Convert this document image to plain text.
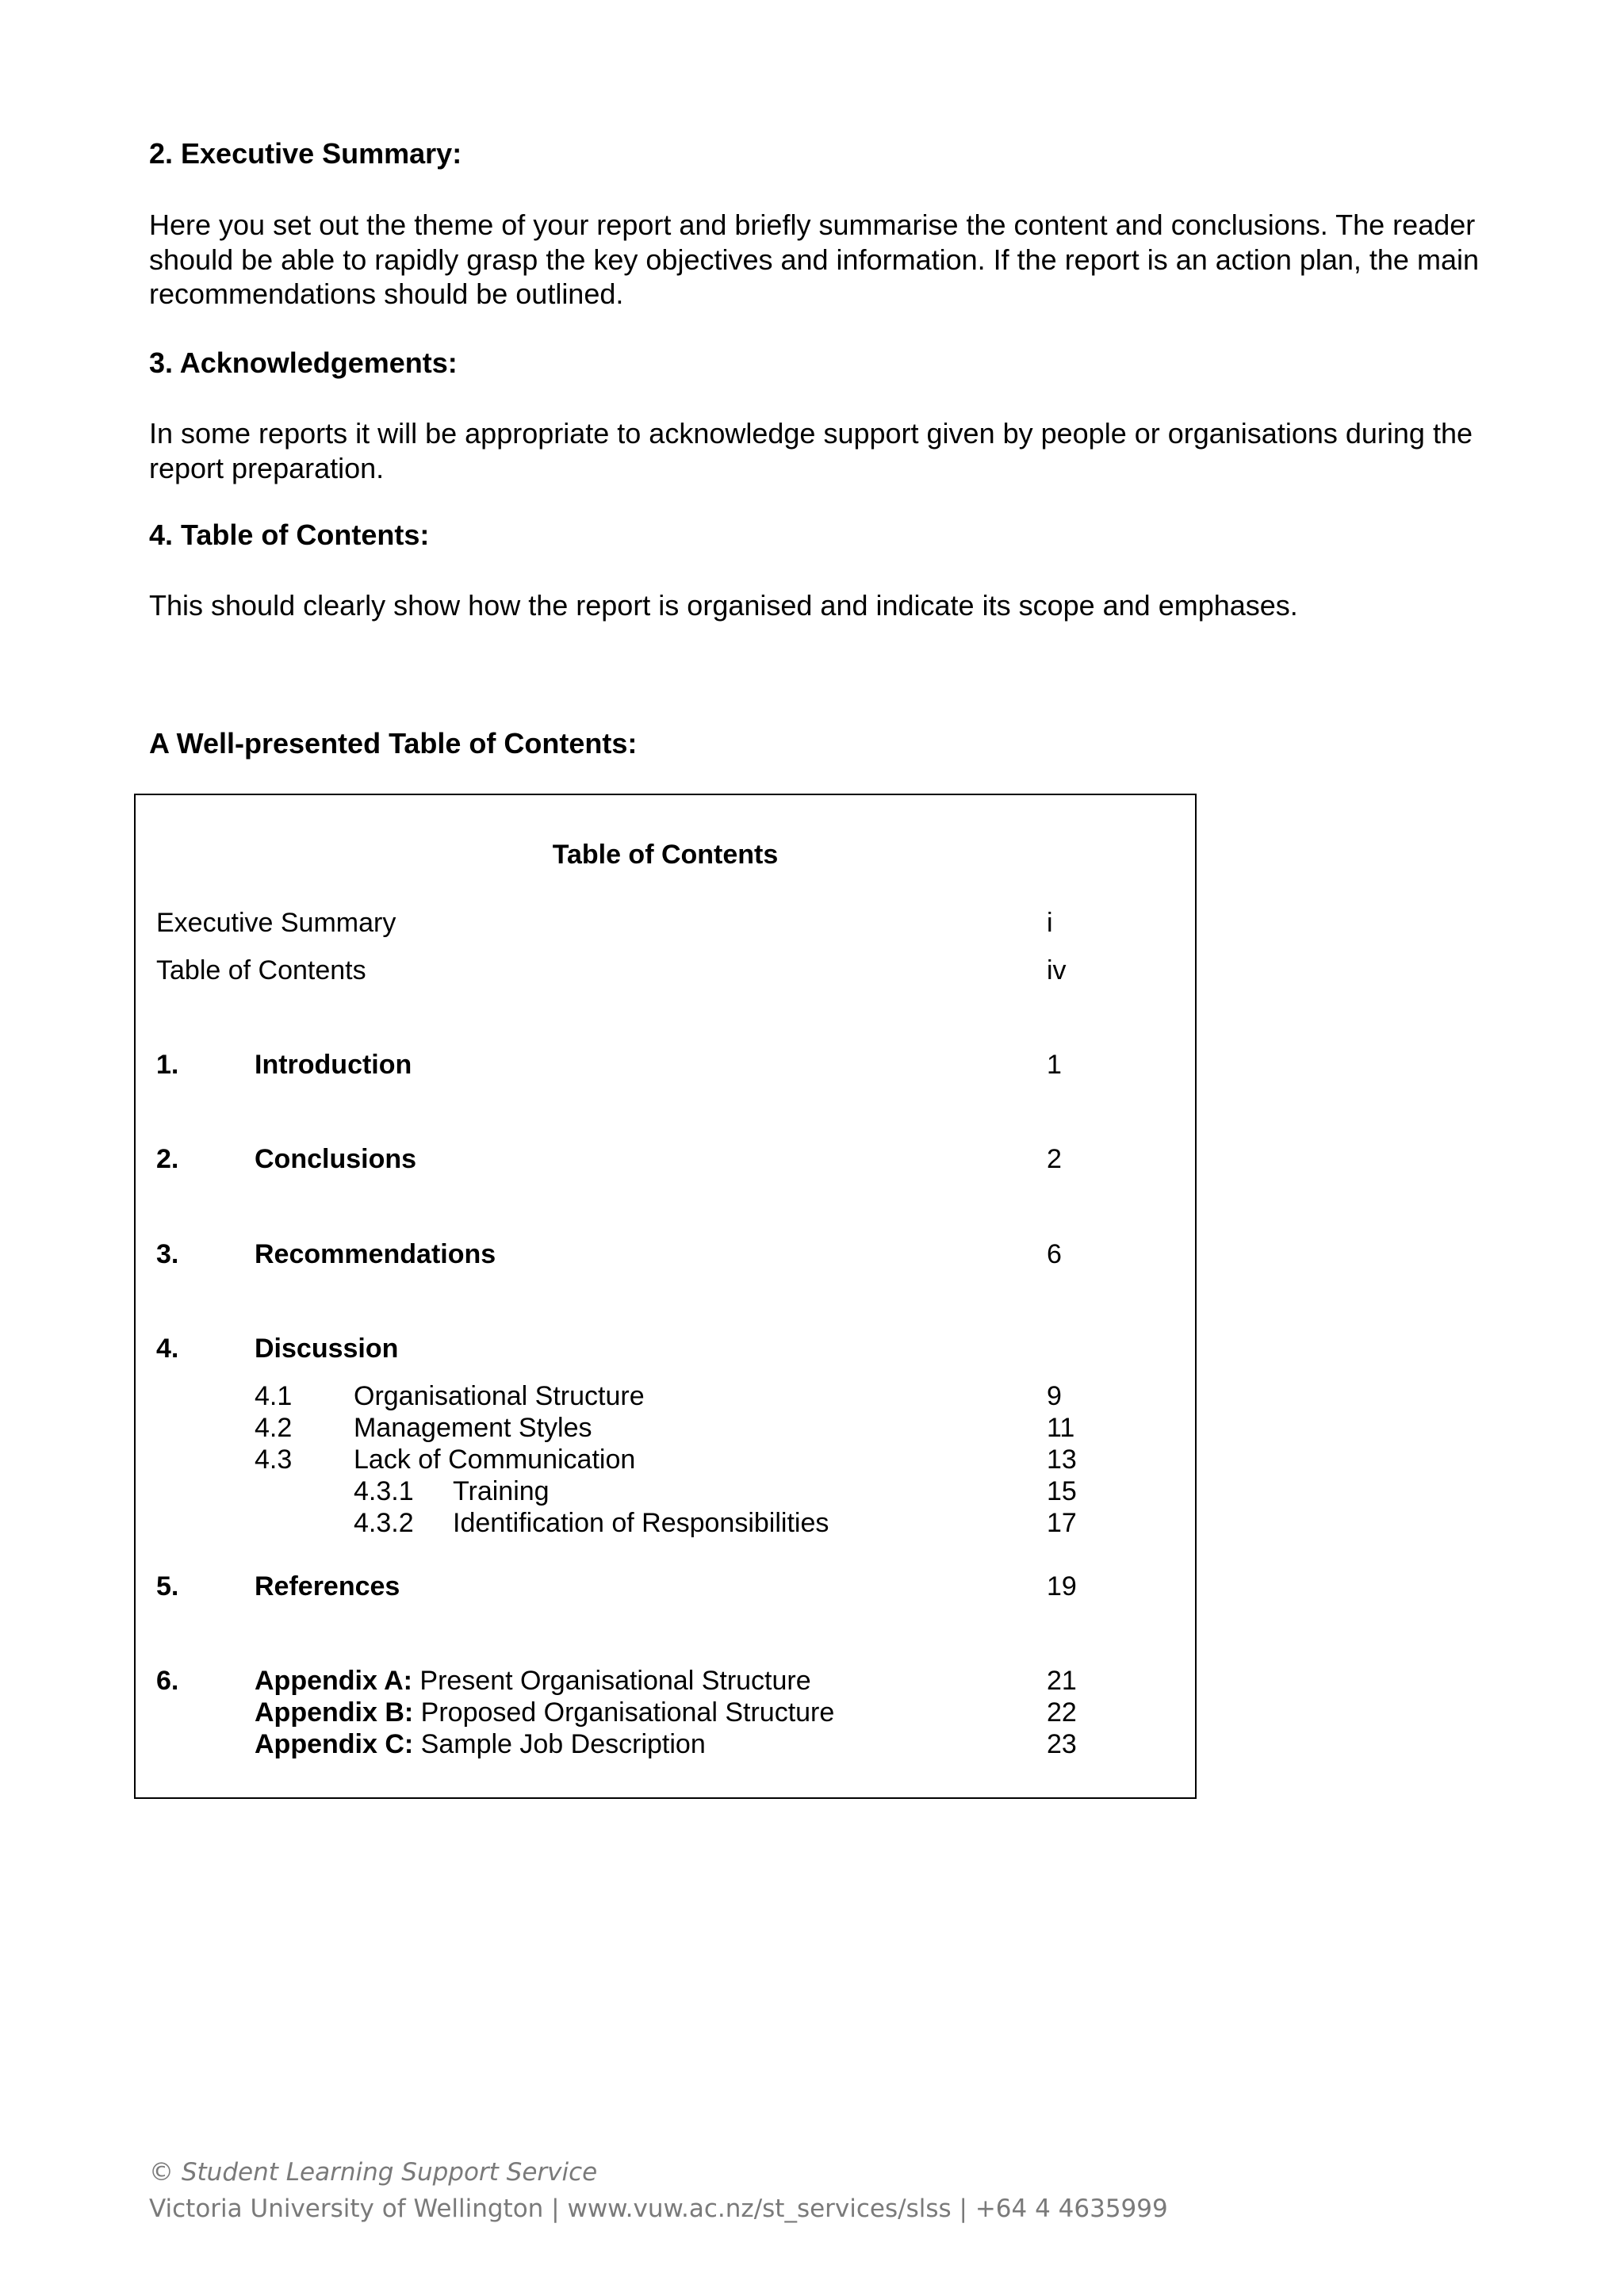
2. Executive Summary:

Here you set out the theme of your report and briefly summarise the content and conclusions. The reader should be able to rapidly grasp the key objectives and information. If the report is an action plan, the main recommendations should be outlined.

3. Acknowledgements:

In some reports it will be appropriate to acknowledge support given by people or organisations during the report preparation.

4. Table of Contents:

This should clearly show how the report is organised and indicate its scope and emphases.

A Well-presented Table of Contents:
Table of Contents
Executive Summary	i
Table of Contents	iv
1.	Introduction	1
2.	Conclusions	2
3.	Recommendations	6
4.	Discussion
4.1 Organisational Structure	9
4.2 Management Styles	11
4.3 Lack of Communication	13
4.3.1 Training	15
4.3.2 Identification of Responsibilities	17
5.	References	19
6.	Appendix A: Present Organisational Structure	21
Appendix B: Proposed Organisational Structure	22
Appendix C: Sample Job Description	23
© Student Learning Support Service
Victoria University of Wellington | www.vuw.ac.nz/st_services/slss | +64 4 4635999
